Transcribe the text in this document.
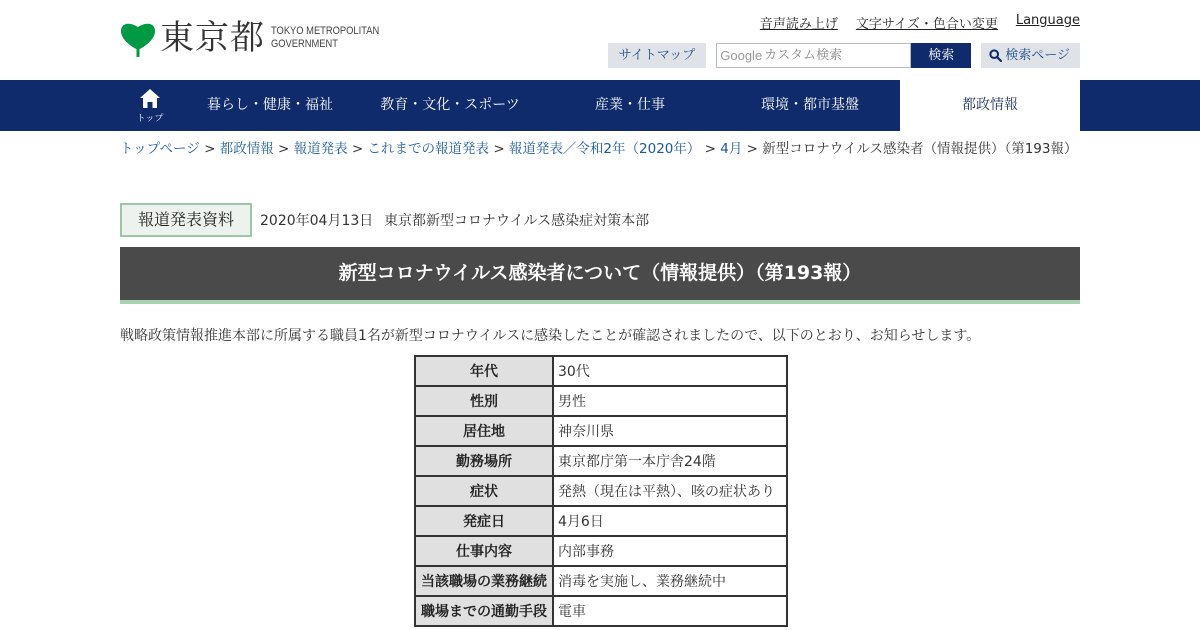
東京都 TOKYO METROPOLITAN
GOVERNMENT
音声読み上げ 文字サイズ・色合い変更 Language
サイトマップ	Google
カスタム検索	検索	検索ページ
トップ
暮らし・健康・福祉	教育・文化・スポーツ	産業・仕事	環境・都市基盤	都政情報
トップページ > 都政情報 > 報道発表 > これまでの報道発表 > 報道発表／令和2年（2020年） > 4月 > 新型コロナウイルス感染者（情報提供）（第193報）
報道発表資料	2020年04月13日 東京都新型コロナウイルス感染症対策本部
新型コロナウイルス感染者について（情報提供）（第193報）

戦略政策情報推進本部に所属する職員1名が新型コロナウイルスに感染したことが確認されましたので、以下のとおり、お知らせします。

年代	30代
性別	男性
居住地	神奈川県
勤務場所	東京都庁第一本庁舎24階
症状	発熱（現在は平熱）、咳の症状あり
発症日	4月6日
仕事内容	内部事務
当該職場の業務継続	消毒を実施し、業務継続中
職場までの通勤手段	電車
